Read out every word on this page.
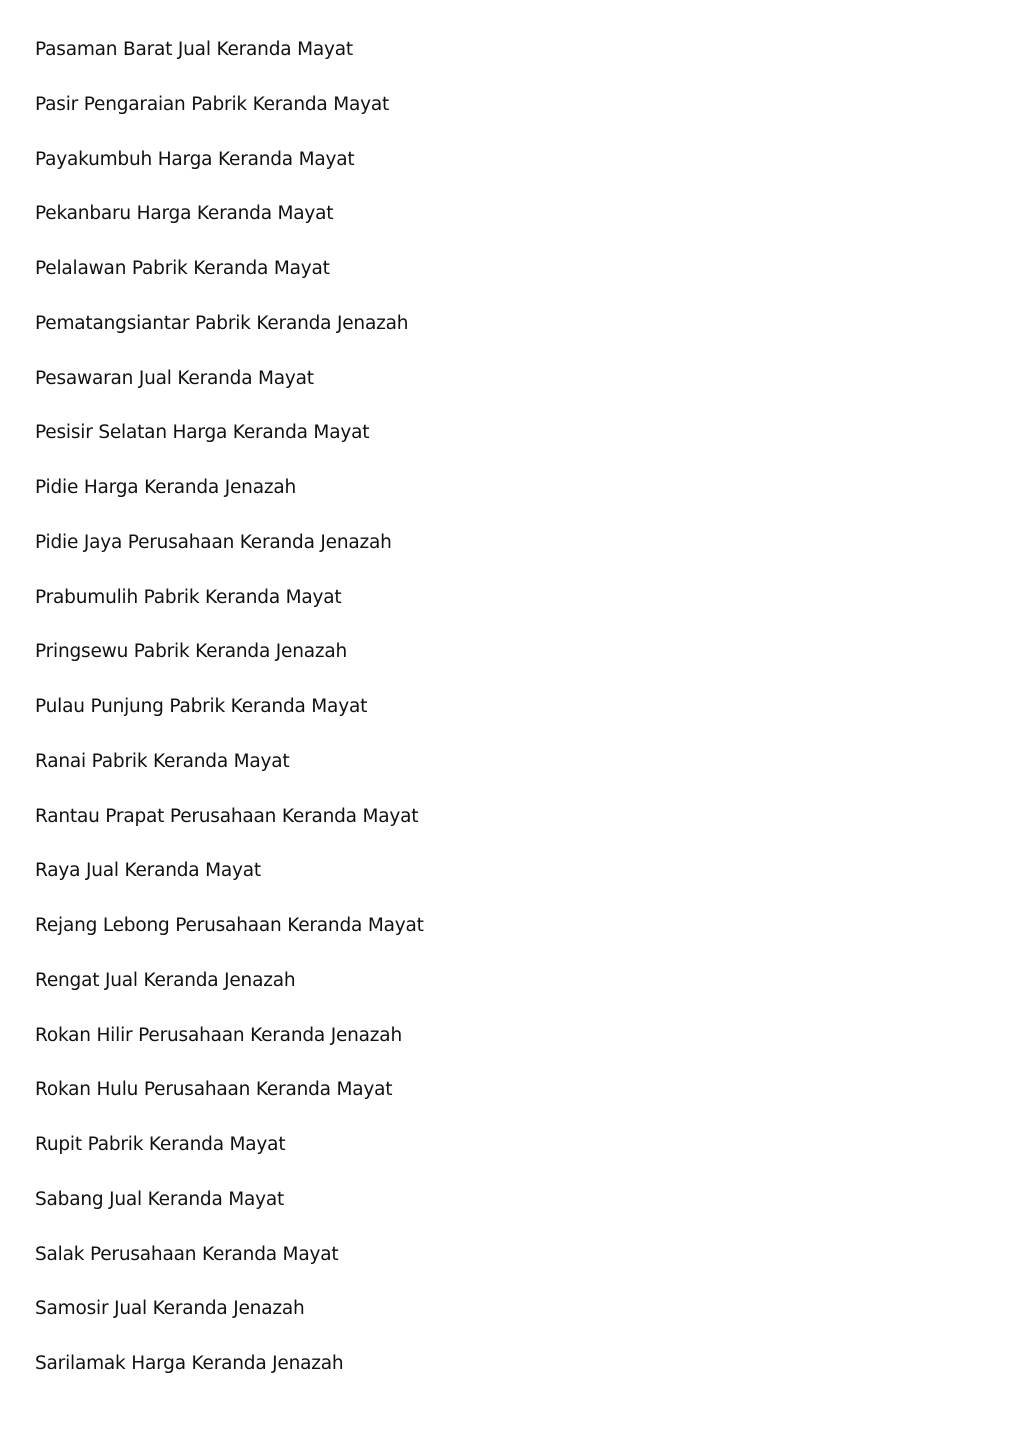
Pasaman Barat Jual Keranda Mayat
Pasir Pengaraian Pabrik Keranda Mayat
Payakumbuh Harga Keranda Mayat
Pekanbaru Harga Keranda Mayat
Pelalawan Pabrik Keranda Mayat
Pematangsiantar Pabrik Keranda Jenazah
Pesawaran Jual Keranda Mayat
Pesisir Selatan Harga Keranda Mayat
Pidie Harga Keranda Jenazah
Pidie Jaya Perusahaan Keranda Jenazah
Prabumulih Pabrik Keranda Mayat
Pringsewu Pabrik Keranda Jenazah
Pulau Punjung Pabrik Keranda Mayat
Ranai Pabrik Keranda Mayat
Rantau Prapat Perusahaan Keranda Mayat
Raya Jual Keranda Mayat
Rejang Lebong Perusahaan Keranda Mayat
Rengat Jual Keranda Jenazah
Rokan Hilir Perusahaan Keranda Jenazah
Rokan Hulu Perusahaan Keranda Mayat
Rupit Pabrik Keranda Mayat
Sabang Jual Keranda Mayat
Salak Perusahaan Keranda Mayat
Samosir Jual Keranda Jenazah
Sarilamak Harga Keranda Jenazah
